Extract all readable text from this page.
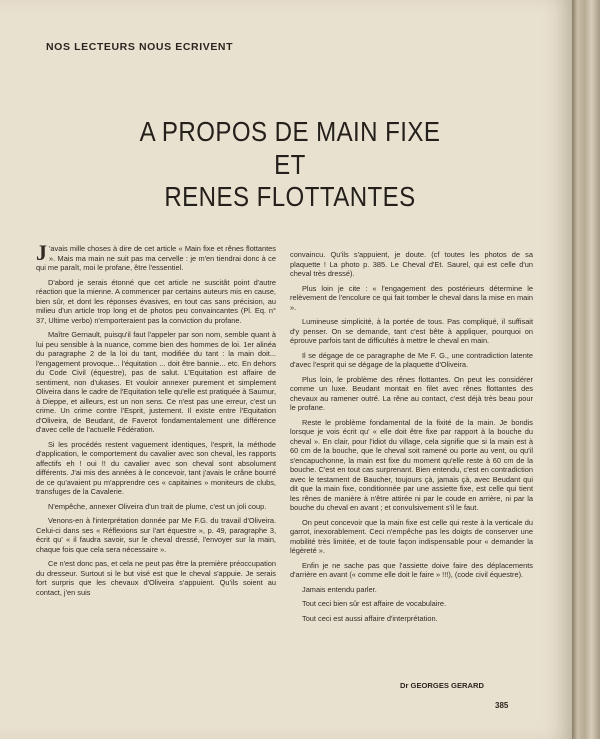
NOS LECTEURS NOUS ECRIVENT
A PROPOS DE MAIN FIXE
ET
RENES FLOTTANTES

J 'avais mille choses à dire de cet article « Main fixe et rênes flottantes ». Mais ma main ne suit pas ma cervelle : je m'en tiendrai donc à ce qui me paraît, moi le profane, être l'essentiel.

D'abord je serais étonné que cet article ne suscitât point d'autre réaction que la mienne. A commencer par certains auteurs mis en cause, bien sûr, et dont les réponses évasives, en tout cas sans précision, au milieu d'un article trop long et de photos peu convaincantes (Pl. Eq. n° 37, Ultime verbo) n'emporteraient pas la conviction du profane.

Maître Gernault, puisqu'il faut l'appeler par son nom, semble quant à lui peu sensible à la nuance, comme bien des hommes de loi. 1er alinéa du paragraphe 2 de la loi du tant, modifiée du tant : la main doit... l'engagement provoque... l'équitation ... doit être bannie... etc. En dehors du Code Civil (équestre), pas de salut. L'Equitation est affaire de sentiment, non d'ukases. Et vouloir annexer purement et simplement Oliveira dans le cadre de l'Equitation telle qu'elle est pratiquée à Saumur, à Dieppe, et ailleurs, est un non sens. Ce n'est pas une erreur, c'est un crime. Un crime contre l'Esprit, justement. Il existe entre l'Equitation d'Oliveira, de Beudant, de Faverot fondamentalement une différence d'avec celle de l'actuelle Fédération.

Si les procédés restent vaguement identiques, l'esprit, la méthode d'application, le comportement du cavalier avec son cheval, les rapports affectifs eh ! oui !! du cavalier avec son cheval sont absolument différents. J'ai mis des années à le concevoir, tant j'avais le crâne bourré de ce qu'avaient pu m'apprendre ces « capitaines » moniteurs de clubs, transfuges de la Cavalerie.

N'empêche, annexer Oliveira d'un trait de plume, c'est un joli coup.

Venons-en à l'interprétation donnée par Me F.G. du travail d'Oliveira. Celui-ci dans ses « Réflexions sur l'art équestre », p. 49, paragraphe 3, écrit qu' « il faudra savoir, sur le cheval dressé, l'envoyer sur la main, chaque fois que cela sera nécessaire ».

Ce n'est donc pas, et cela ne peut pas être la première préoccupation du dresseur. Surtout si le but visé est que le cheval s'appuie. Je serais fort surpris que les chevaux d'Oliveira s'appuient. Qu'ils soient au contact, j'en suis

convaincu. Qu'ils s'appuient, je doute. (cf toutes les photos de sa plaquette ! La photo p. 385. Le Cheval d'Et. Saurel, qui est celle d'un cheval très dressé).

Plus loin je cite : « l'engagement des postérieurs détermine le relèvement de l'encolure ce qui fait tomber le cheval dans la mise en main ».

Lumineuse simplicité, à la portée de tous. Pas compliqué, il suffisait d'y penser. On se demande, tant c'est bête à appliquer, pourquoi on éprouve parfois tant de difficultés à mettre le cheval en main.

Il se dégage de ce paragraphe de Me F. G., une contradiction latente d'avec l'esprit qui se dégage de la plaquette d'Oliveira.

Plus loin, le problème des rênes flottantes. On peut les considérer comme un luxe. Beudant montait en filet avec rênes flottantes des chevaux au ramener outré. La rêne au contact, c'est déjà très beau pour le profane.

Reste le problème fondamental de la fixité de la main. Je bondis lorsque je vois écrit qu' « elle doit être fixe par rapport à la bouche du cheval ». En clair, pour l'idiot du village, cela signifie que si la main est à 60 cm de la bouche, que le cheval soit ramené ou porte au vent, ou qu'il s'encapuchonne, la main est fixe du moment qu'elle reste à 60 cm de la bouche. C'est en tout cas surprenant. Bien entendu, c'est en contradiction avec le testament de Baucher, toujours çà, jamais çà, avec Beudant qui dit que la main fixe, conditionnée par une assiette fixe, est celle qui tient les rênes de manière à n'être attirée ni par le coude en arrière, ni par la bouche du cheval en avant ; et convulsivement s'il le faut.

On peut concevoir que la main fixe est celle qui reste à la verticale du garrot, inexorablement. Ceci n'empêche pas les doigts de conserver une mobilité très limitée, et de toute façon indispensable pour « demander la légèreté ».

Enfin je ne sache pas que l'assiette doive faire des déplacements d'arrière en avant (« comme elle doit le faire » !!!), (code civil équestre).

Jamais entendu parler.

Tout ceci bien sûr est affaire de vocabulaire.

Tout ceci est aussi affaire d'interprétation.

Dr GEORGES GERARD
385
